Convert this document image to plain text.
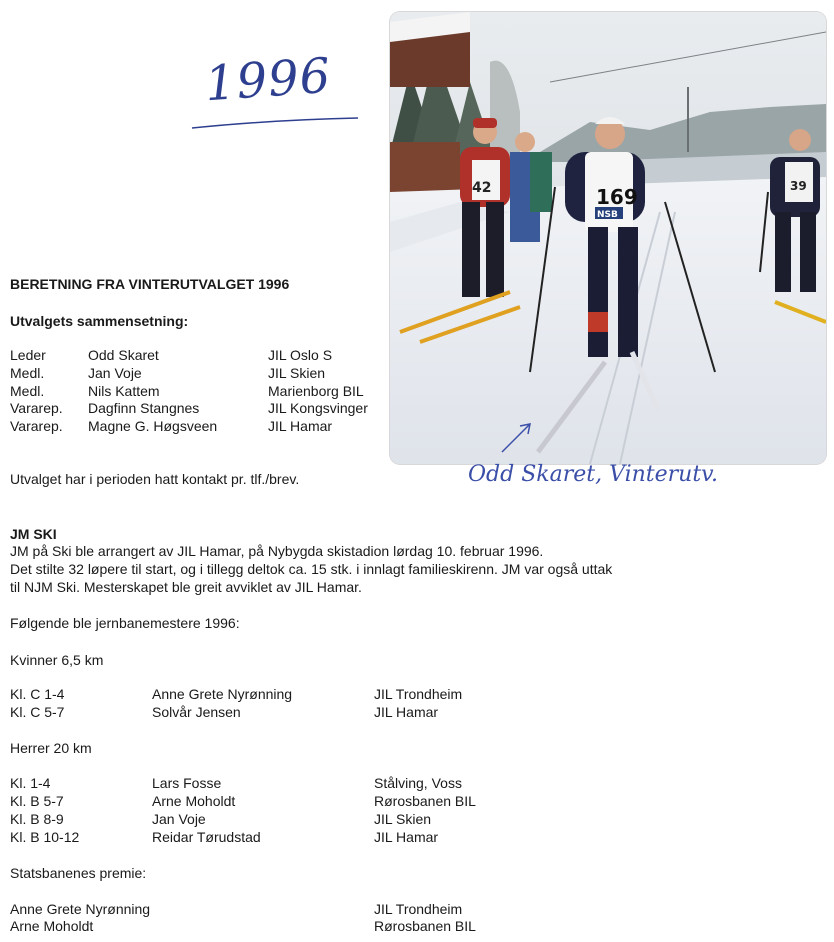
1996
42	169
NSB
39
Odd Skaret, Vinterutv.
BERETNING FRA VINTERUTVALGET 1996
Utvalgets sammensetning:
Leder	Odd Skaret	JIL Oslo S
Medl.	Jan Voje	JIL Skien
Medl.	Nils Kattem	Marienborg BIL
Vararep. Dagfinn Stangnes	JIL Kongsvinger
Vararep. Magne G. Høgsveen	JIL Hamar
Utvalget har i perioden hatt kontakt pr. tlf./brev.
JM SKI
JM på Ski ble arrangert av JIL Hamar, på Nybygda skistadion lørdag 10. februar 1996.
Det stilte 32 løpere til start, og i tillegg deltok ca. 15 stk. i innlagt familieskirenn. JM var også uttak
til NJM Ski. Mesterskapet ble greit avviklet av JIL Hamar.
Følgende ble jernbanemestere 1996:
Kvinner 6,5 km
Kl. C 1-4	Anne Grete Nyrønning	JIL Trondheim
Kl. C 5-7	Solvår Jensen	JIL Hamar
Herrer 20 km
Kl. 1-4	Lars Fosse	Stålving, Voss
Kl. B 5-7	Arne Moholdt	Rørosbanen BIL
Kl. B 8-9	Jan Voje	JIL Skien
Kl. B 10-12	Reidar Tørudstad	JIL Hamar
Statsbanenes premie:
Anne Grete Nyrønning	JIL Trondheim
Arne Moholdt	Rørosbanen BIL
